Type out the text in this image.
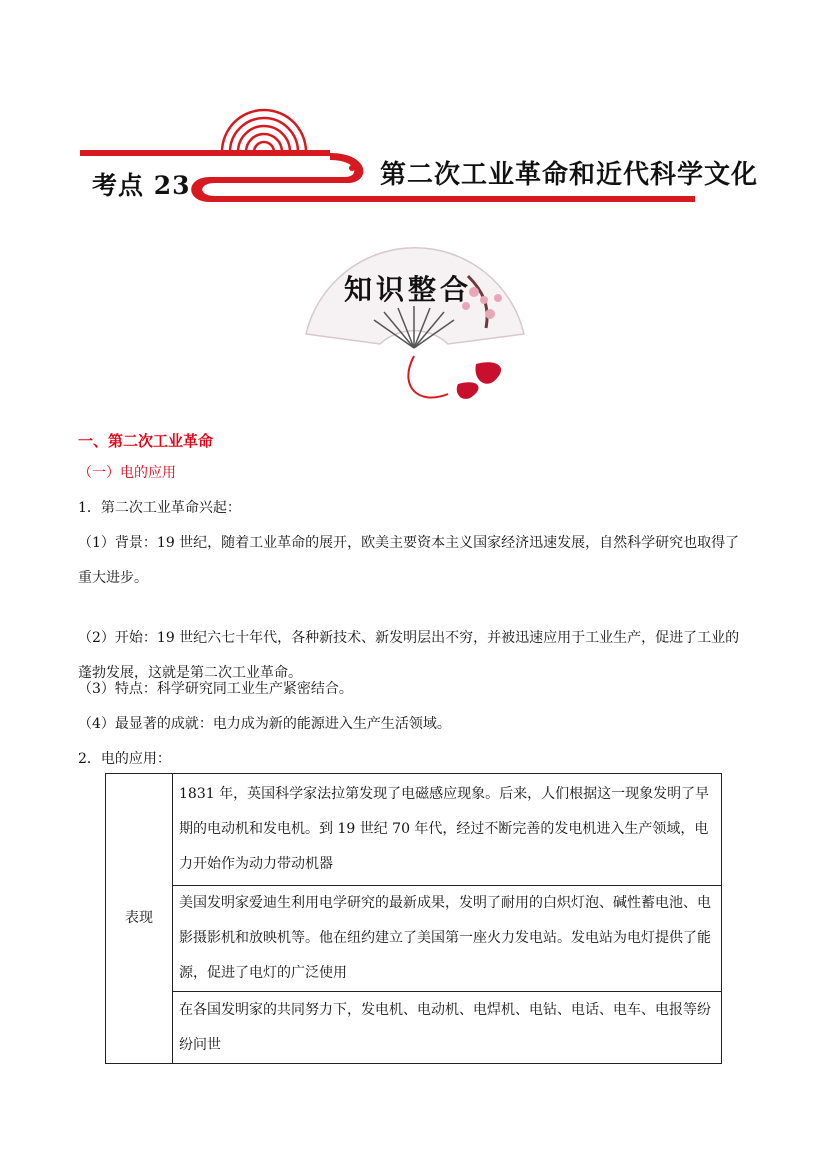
考点 23	第二次工业革命和近代科学文化
知识整合
一、第二次工业革命
（一）电的应用
1．第二次工业革命兴起：
（1）背景：19 世纪，随着工业革命的展开，欧美主要资本主义国家经济迅速发展，自然科学研究也取得了重大进步。
（2）开始：19 世纪六七十年代，各种新技术、新发明层出不穷，并被迅速应用于工业生产，促进了工业的蓬勃发展，这就是第二次工业革命。
（3）特点：科学研究同工业生产紧密结合。
（4）最显著的成就：电力成为新的能源进入生产生活领域。
2．电的应用：
表现	1831 年，英国科学家法拉第发现了电磁感应现象。后来，人们根据这一现象发明了早期的电动机和发电机。到 19 世纪 70 年代，经过不断完善的发电机进入生产领域，电力开始作为动力带动机器
美国发明家爱迪生利用电学研究的最新成果，发明了耐用的白炽灯泡、碱性蓄电池、电影摄影机和放映机等。他在纽约建立了美国第一座火力发电站。发电站为电灯提供了能源，促进了电灯的广泛使用
在各国发明家的共同努力下，发电机、电动机、电焊机、电钻、电话、电车、电报等纷纷问世
